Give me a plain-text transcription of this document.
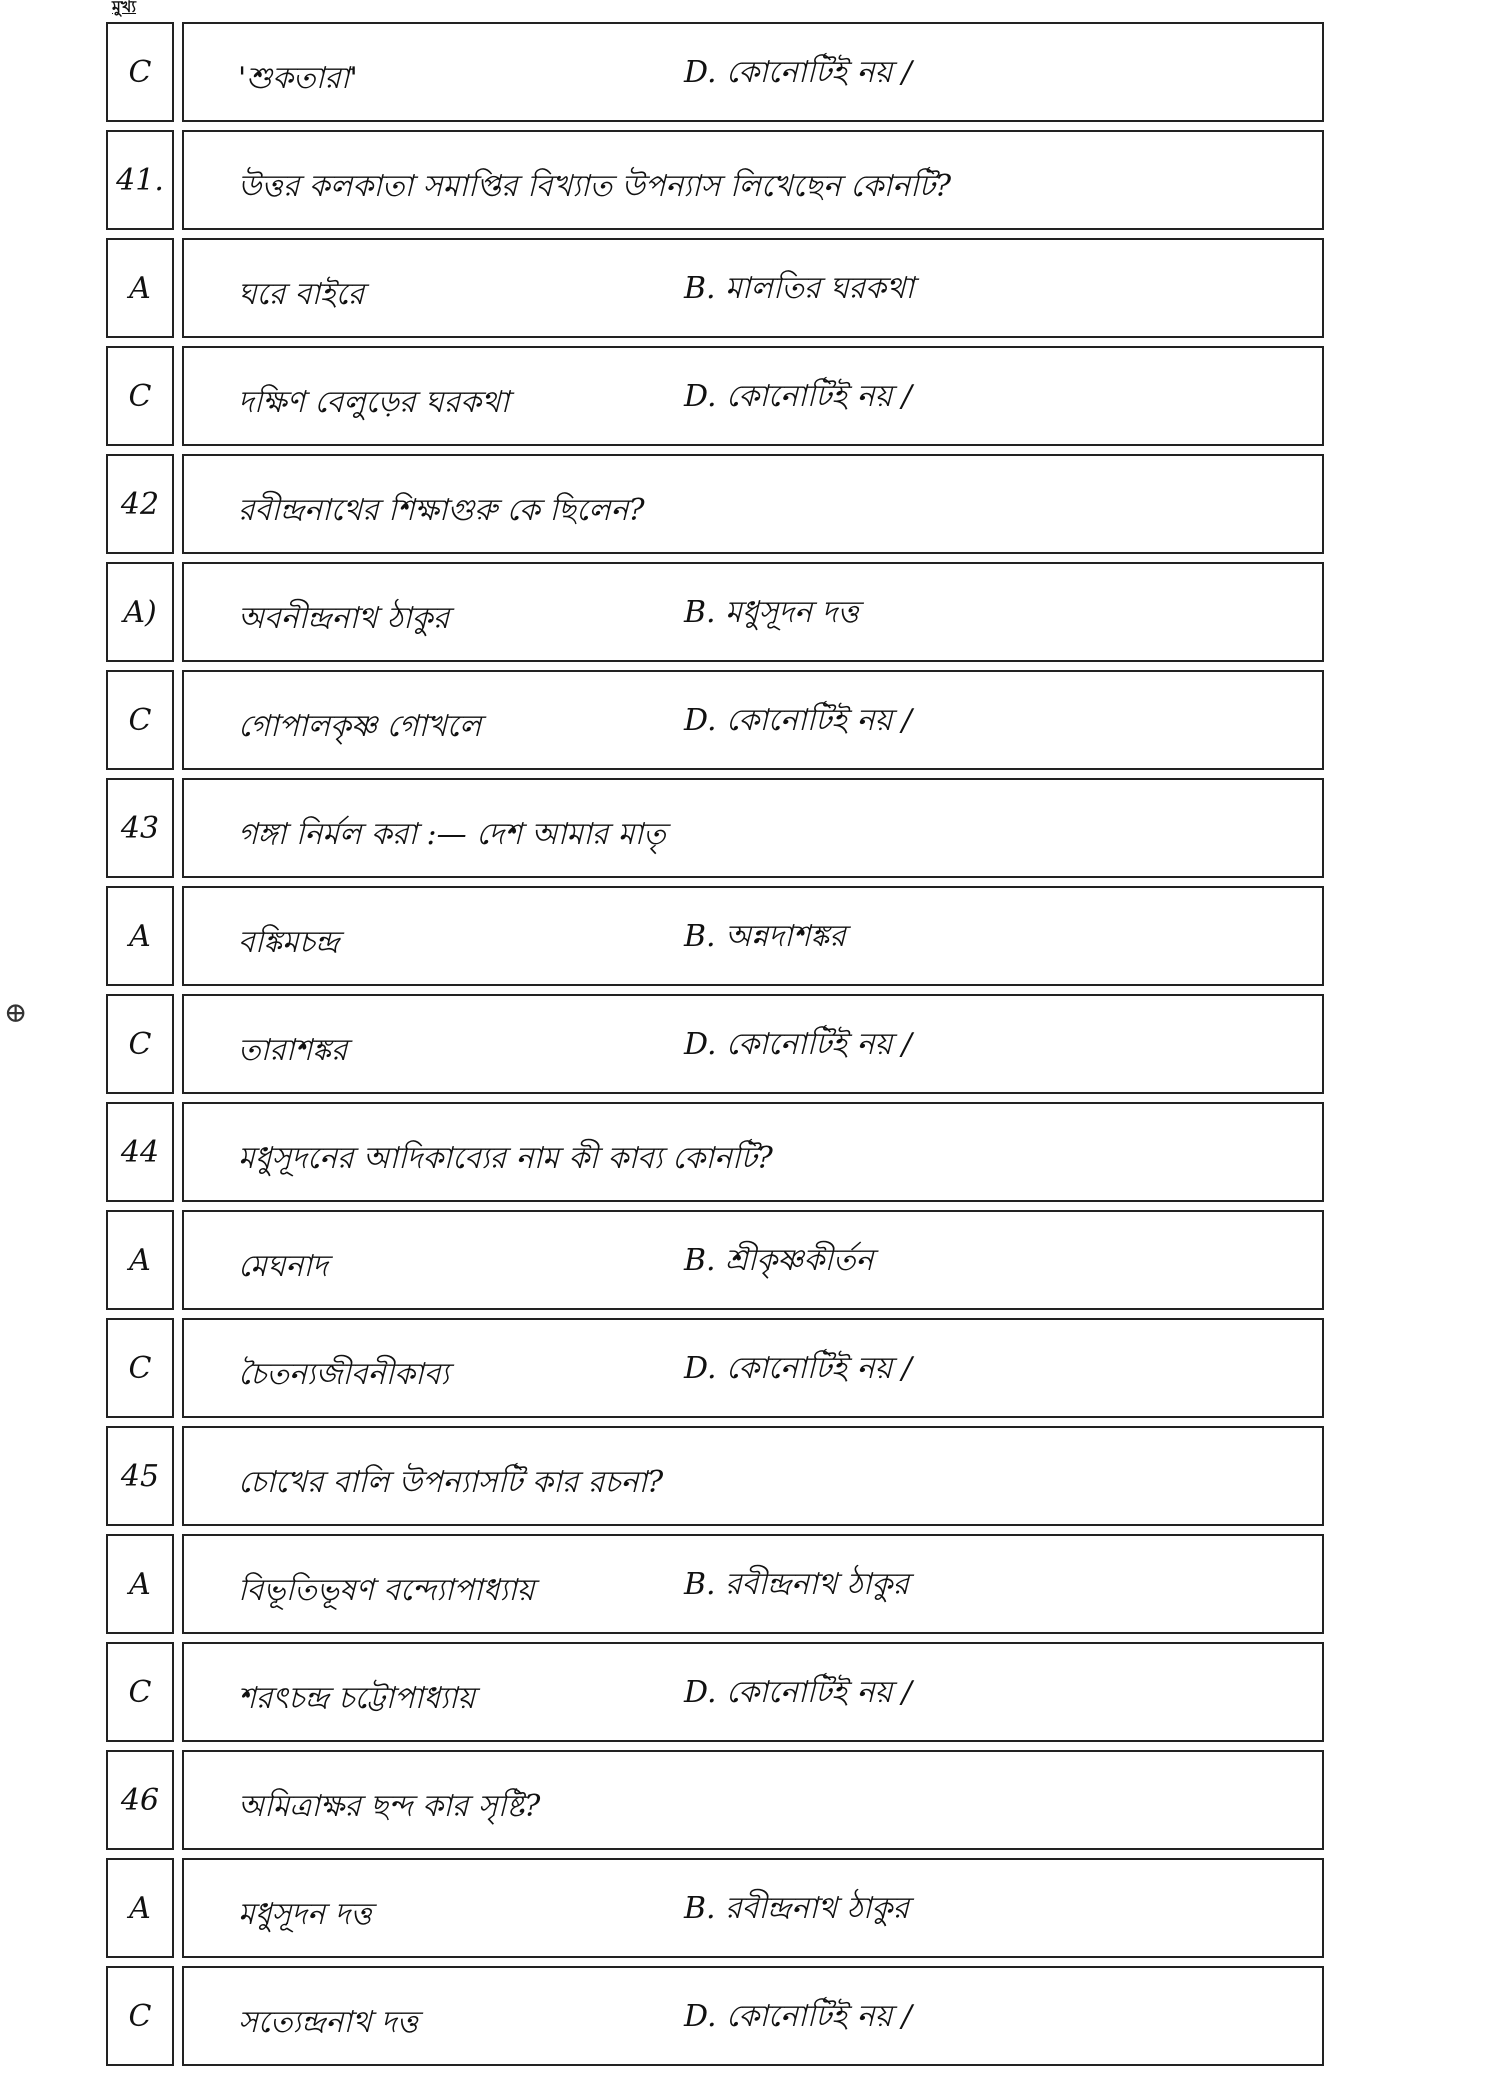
মুখ্য
⊕
C	'শুকতারা'	D. কোনোটিই নয় /
41.	উত্তর কলকাতা সমাপ্তির বিখ্যাত উপন্যাস লিখেছেন কোনটি?
A	ঘরে বাইরে	B. মালতির ঘরকথা
C	দক্ষিণ বেলুড়ের ঘরকথা	D. কোনোটিই নয় /
42	রবীন্দ্রনাথের শিক্ষাগুরু কে ছিলেন?
A)	অবনীন্দ্রনাথ ঠাকুর	B. মধুসূদন দত্ত
C	গোপালকৃষ্ণ গোখলে	D. কোনোটিই নয় /
43	গঙ্গা নির্মল করা :— দেশ আমার মাতৃ
A	বঙ্কিমচন্দ্র	B. অন্নদাশঙ্কর
C	তারাশঙ্কর	D. কোনোটিই নয় /
44	মধুসূদনের আদিকাব্যের নাম কী কাব্য কোনটি?
A	মেঘনাদ	B. শ্রীকৃষ্ণকীর্তন
C	চৈতন্যজীবনীকাব্য	D. কোনোটিই নয় /
45	চোখের বালি উপন্যাসটি কার রচনা?
A	বিভূতিভূষণ বন্দ্যোপাধ্যায়	B. রবীন্দ্রনাথ ঠাকুর
C	শরৎচন্দ্র চট্টোপাধ্যায়	D. কোনোটিই নয় /
46	অমিত্রাক্ষর ছন্দ কার সৃষ্টি?
A	মধুসূদন দত্ত	B. রবীন্দ্রনাথ ঠাকুর
C	সত্যেন্দ্রনাথ দত্ত	D. কোনোটিই নয় /
